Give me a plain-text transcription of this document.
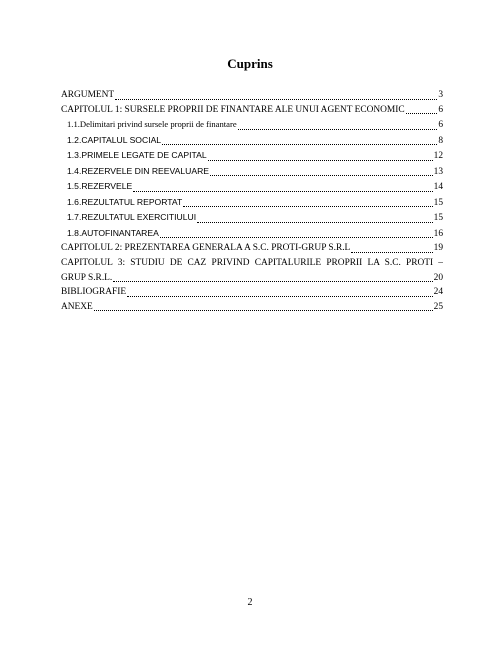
Cuprins
ARGUMENT	3
CAPITOLUL 1: SURSELE PROPRII DE FINANTARE ALE UNUI AGENT ECONOMIC	6
1.1.Delimitari privind sursele proprii de finantare	6
1.2.CAPITALUL SOCIAL	8
1.3.PRIMELE LEGATE DE CAPITAL	12
1.4.REZERVELE DIN REEVALUARE	13
1.5.REZERVELE	14
1.6.REZULTATUL REPORTAT	15
1.7.REZULTATUL EXERCITIULUI	15
1.8.AUTOFINANTAREA	16
CAPITOLUL 2: PREZENTAREA GENERALA A S.C. PROTI-GRUP S.R.L	19
CAPITOLUL 3: STUDIU DE CAZ PRIVIND CAPITALURILE PROPRII LA S.C. PROTI –
GRUP S.R.L.	20
BIBLIOGRAFIE	24
ANEXE	25
2
